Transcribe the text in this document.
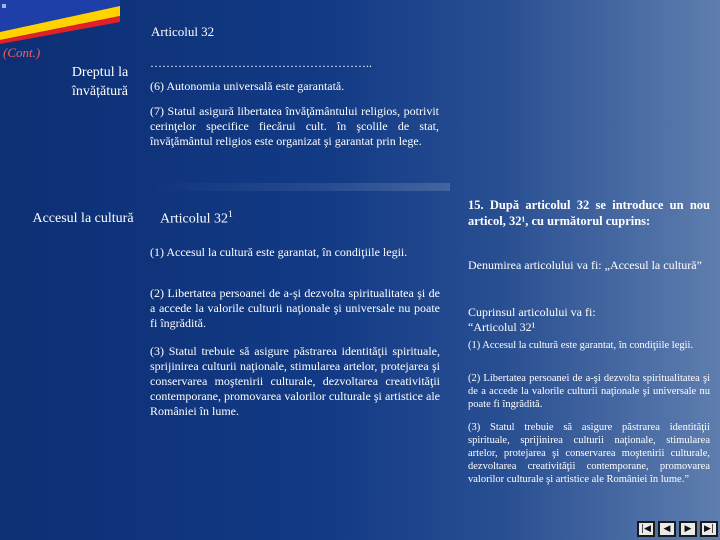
(Cont.)

Dreptul la învățătură

Accesul la cultură

Articolul 32

………………………………………………..

(6) Autonomia universală este garantată.

(7) Statul asigură libertatea învăţământului religios, potrivit cerinţelor specifice fiecărui cult. în şcolile de stat, învăţământul religios este organizat şi garantat prin lege.

Articolul $32^1$

(1) Accesul la cultură este garantat, în condiţiile legii.

(2) Libertatea persoanei de a-şi dezvolta spiritualitatea şi de a accede la valorile culturii naţionale şi universale nu poate fi îngrădită.

(3) Statul trebuie să asigure păstrarea identităţii spirituale, sprijinirea culturii naţionale, stimularea artelor, protejarea şi conservarea moştenirii culturale, dezvoltarea creativităţii contemporane, promovarea valorilor culturale şi artistice ale României în lume.

15. După articolul 32 se introduce un nou articol, 32¹, cu următorul cuprins:

Denumirea articolului va fi: „Accesul la cultură”

Cuprinsul articolului va fi:

“Articolul 32¹

(1) Accesul la cultură este garantat, în condiţiile legii.

(2) Libertatea persoanei de a-şi dezvolta spiritualitatea şi de a accede la valorile culturii naţionale şi universale nu poate fi îngrădită.

(3) Statul trebuie să asigure păstrarea identităţii spirituale, sprijinirea culturii naţionale, stimularea artelor, protejarea şi conservarea moştenirii culturale, dezvoltarea creativităţii contemporane, promovarea valorilor culturale şi artistice ale României în lume.”

|◀ ◀ ▶ ▶|
